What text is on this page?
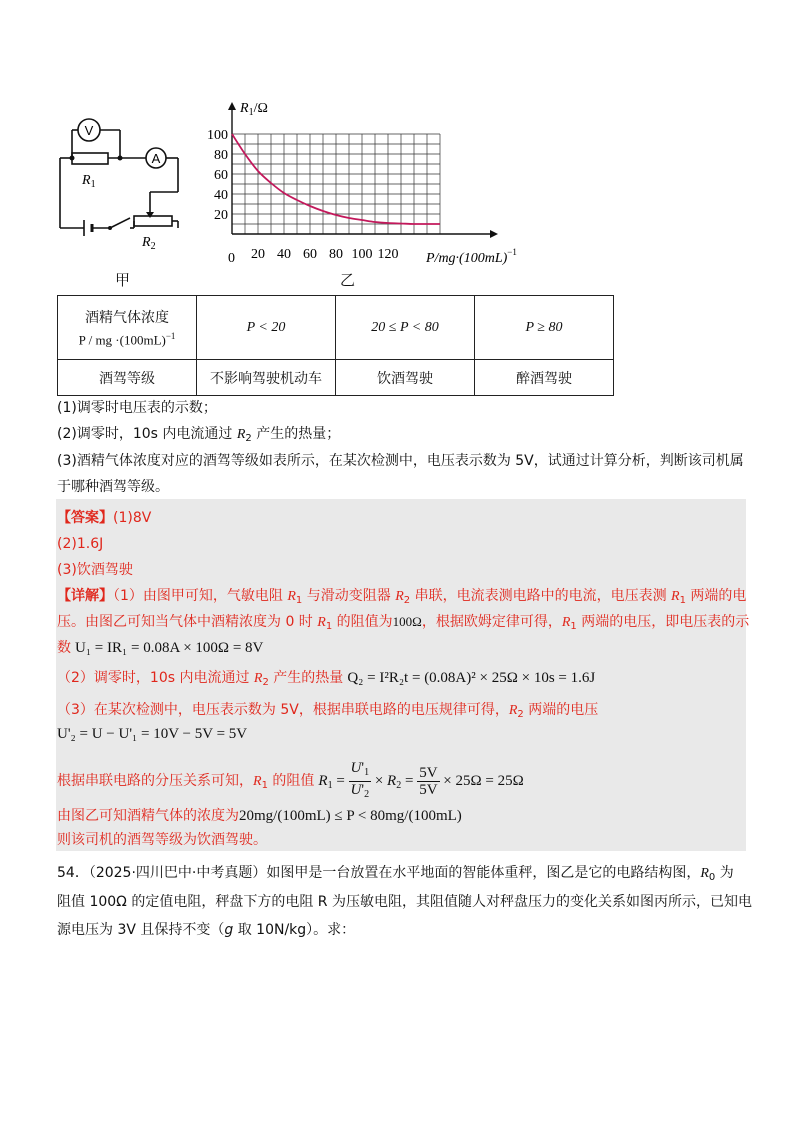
V
A
$R_1$
$R_2$
甲
20 40 60 80 100 120
20
40
60
80
100
$R_1/\Omega$
$P/mg\cdot(100mL)^{-1}$
0
乙
酒精气体浓度
P / mg $\cdot(100mL)^{-1}$	P < 20	20 ≤ P < 80	P ≥ 80
酒驾等级	不影响驾驶机动车	饮酒驾驶	醉酒驾驶
(1)调零时电压表的示数；
(2)调零时，10s 内电流通过 $R_2$ 产生的热量；
(3)酒精气体浓度对应的酒驾等级如表所示，在某次检测中，电压表示数为 5V，试通过计算分析，判断该司机属
于哪种酒驾等级。
【答案】(1)8V
(2)1.6J
(3)饮酒驾驶
【详解】（1）由图甲可知，气敏电阻 $R_1$ 与滑动变阻器 $R_2$ 串联，电流表测电路中的电流，电压表测 $R_1$ 两端的电
压。由图乙可知当气体中酒精浓度为 0 时 $R_1$ 的阻值为100Ω，根据欧姆定律可得，$R_1$ 两端的电压，即电压表的示
数 U₁ = IR₁ = 0.08A × 100Ω = 8V
（2）调零时，10s 内电流通过 $R_2$ 产生的热量 Q₂ = I²R₂t = (0.08A)² × 25Ω × 10s = 1.6J
（3）在某次检测中，电压表示数为 5V，根据串联电路的电压规律可得，$R_2$ 两端的电压
U'₂ = U − U'₁ = 10V − 5V = 5V
根据串联电路的分压关系可知，$R_1$ 的阻值 $R_1 = \frac{U'_1}{U'_2} \times R_2 = \frac{5V}{5V} \times 25\Omega = 25\Omega$
由图乙可知酒精气体的浓度为20mg/(100mL) ≤ P < 80mg/(100mL)
则该司机的酒驾等级为饮酒驾驶。
54．（2025·四川巴中·中考真题）如图甲是一台放置在水平地面的智能体重秤，图乙是它的电路结构图，$R_0$ 为
阻值 100Ω 的定值电阻，秤盘下方的电阻 R 为压敏电阻，其阻值随人对秤盘压力的变化关系如图丙所示，已知电
源电压为 3V 且保持不变（g 取 10N/kg）。求：
